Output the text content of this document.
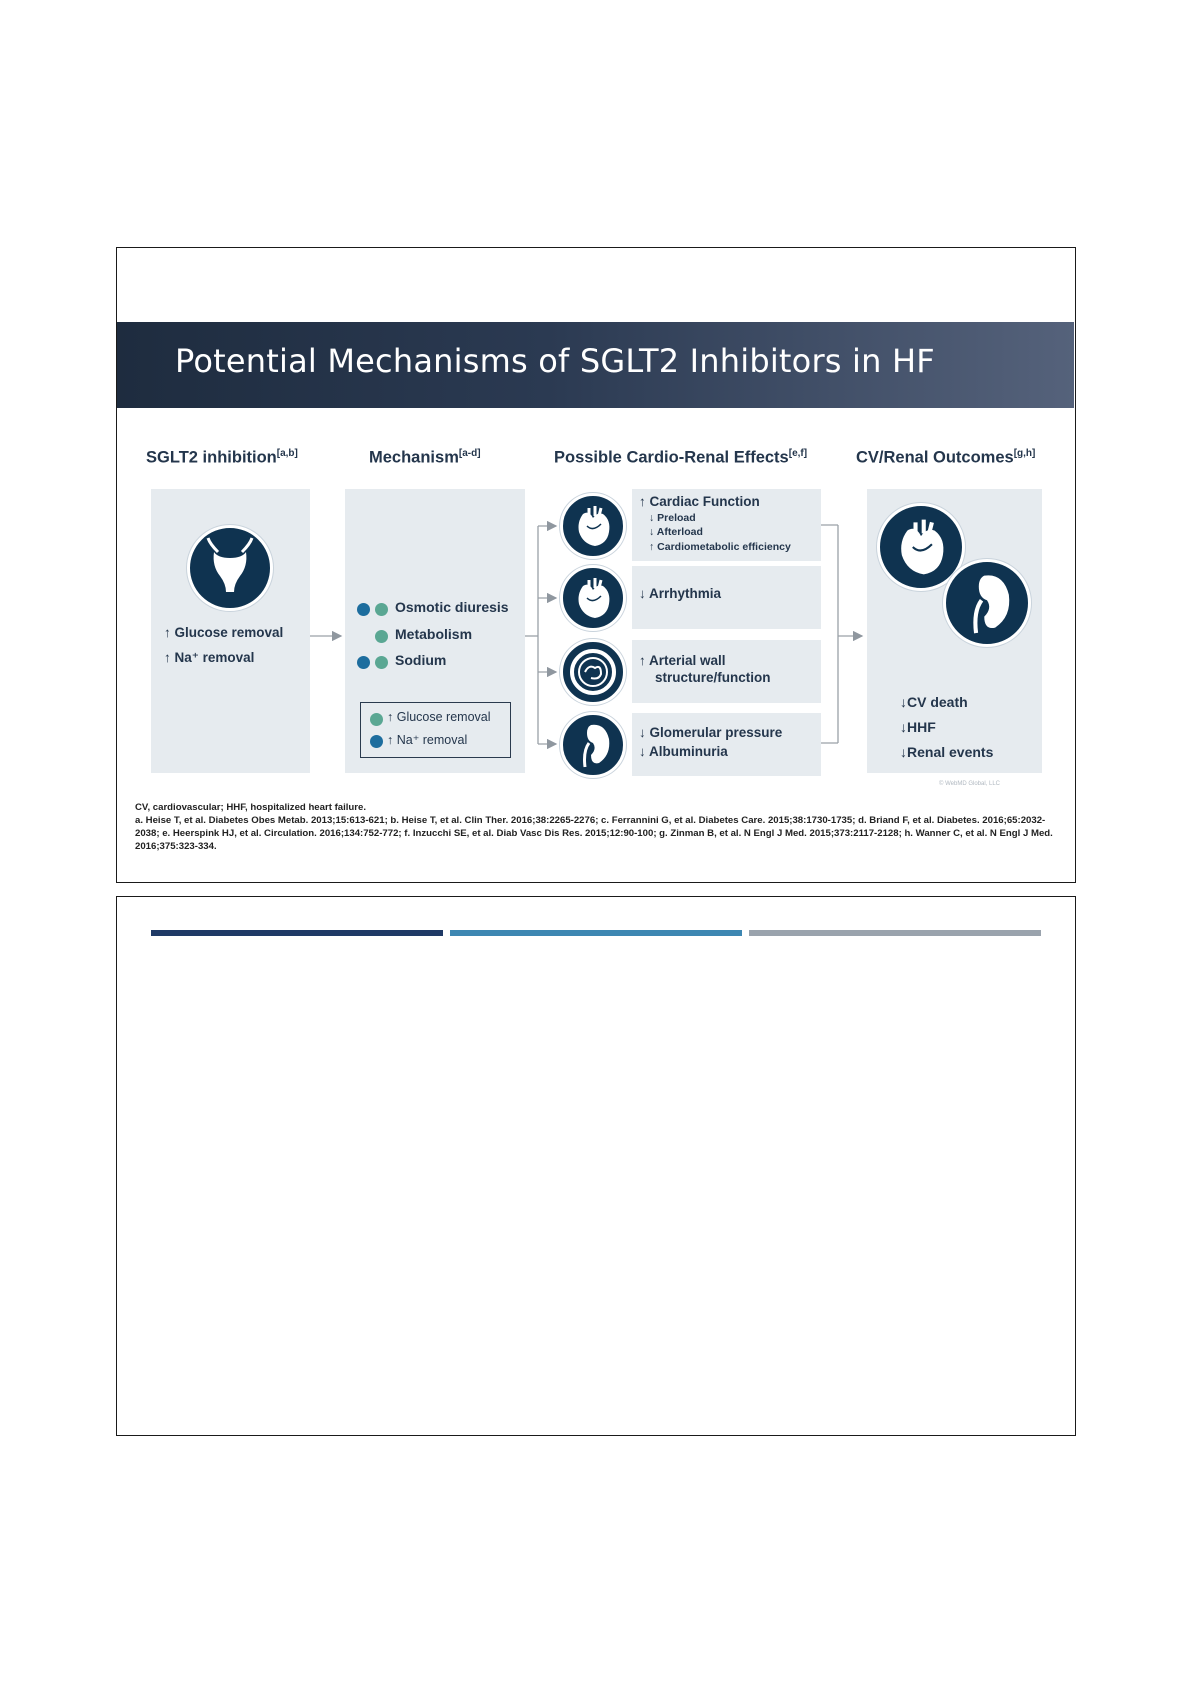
Potential Mechanisms of SGLT2 Inhibitors in HF
SGLT2 inhibition[a,b]	Mechanism[a-d]	Possible Cardio-Renal Effects[e,f]	CV/Renal Outcomes[g,h]
↑ Glucose removal
↑ Na⁺ removal
Osmotic diuresis
Metabolism
Sodium
↑ Glucose removal
↑ Na⁺ removal
↑ Cardiac Function
↓ Preload
↓ Afterload
↑ Cardiometabolic efficiency
↓ Arrhythmia
↑ Arterial wall
structure/function
↓ Glomerular pressure
↓ Albuminuria
↓CV death
↓HHF
↓Renal events
© WebMD Global, LLC
CV, cardiovascular; HHF, hospitalized heart failure.
a. Heise T, et al. Diabetes Obes Metab. 2013;15:613-621; b. Heise T, et al. Clin Ther. 2016;38:2265-2276; c. Ferrannini G, et al. Diabetes Care. 2015;38:1730-1735; d. Briand F, et al. Diabetes. 2016;65:2032-2038; e. Heerspink HJ, et al. Circulation. 2016;134:752-772; f. Inzucchi SE, et al. Diab Vasc Dis Res. 2015;12:90-100; g. Zinman B, et al. N Engl J Med. 2015;373:2117-2128; h. Wanner C, et al. N Engl J Med. 2016;375:323-334.
